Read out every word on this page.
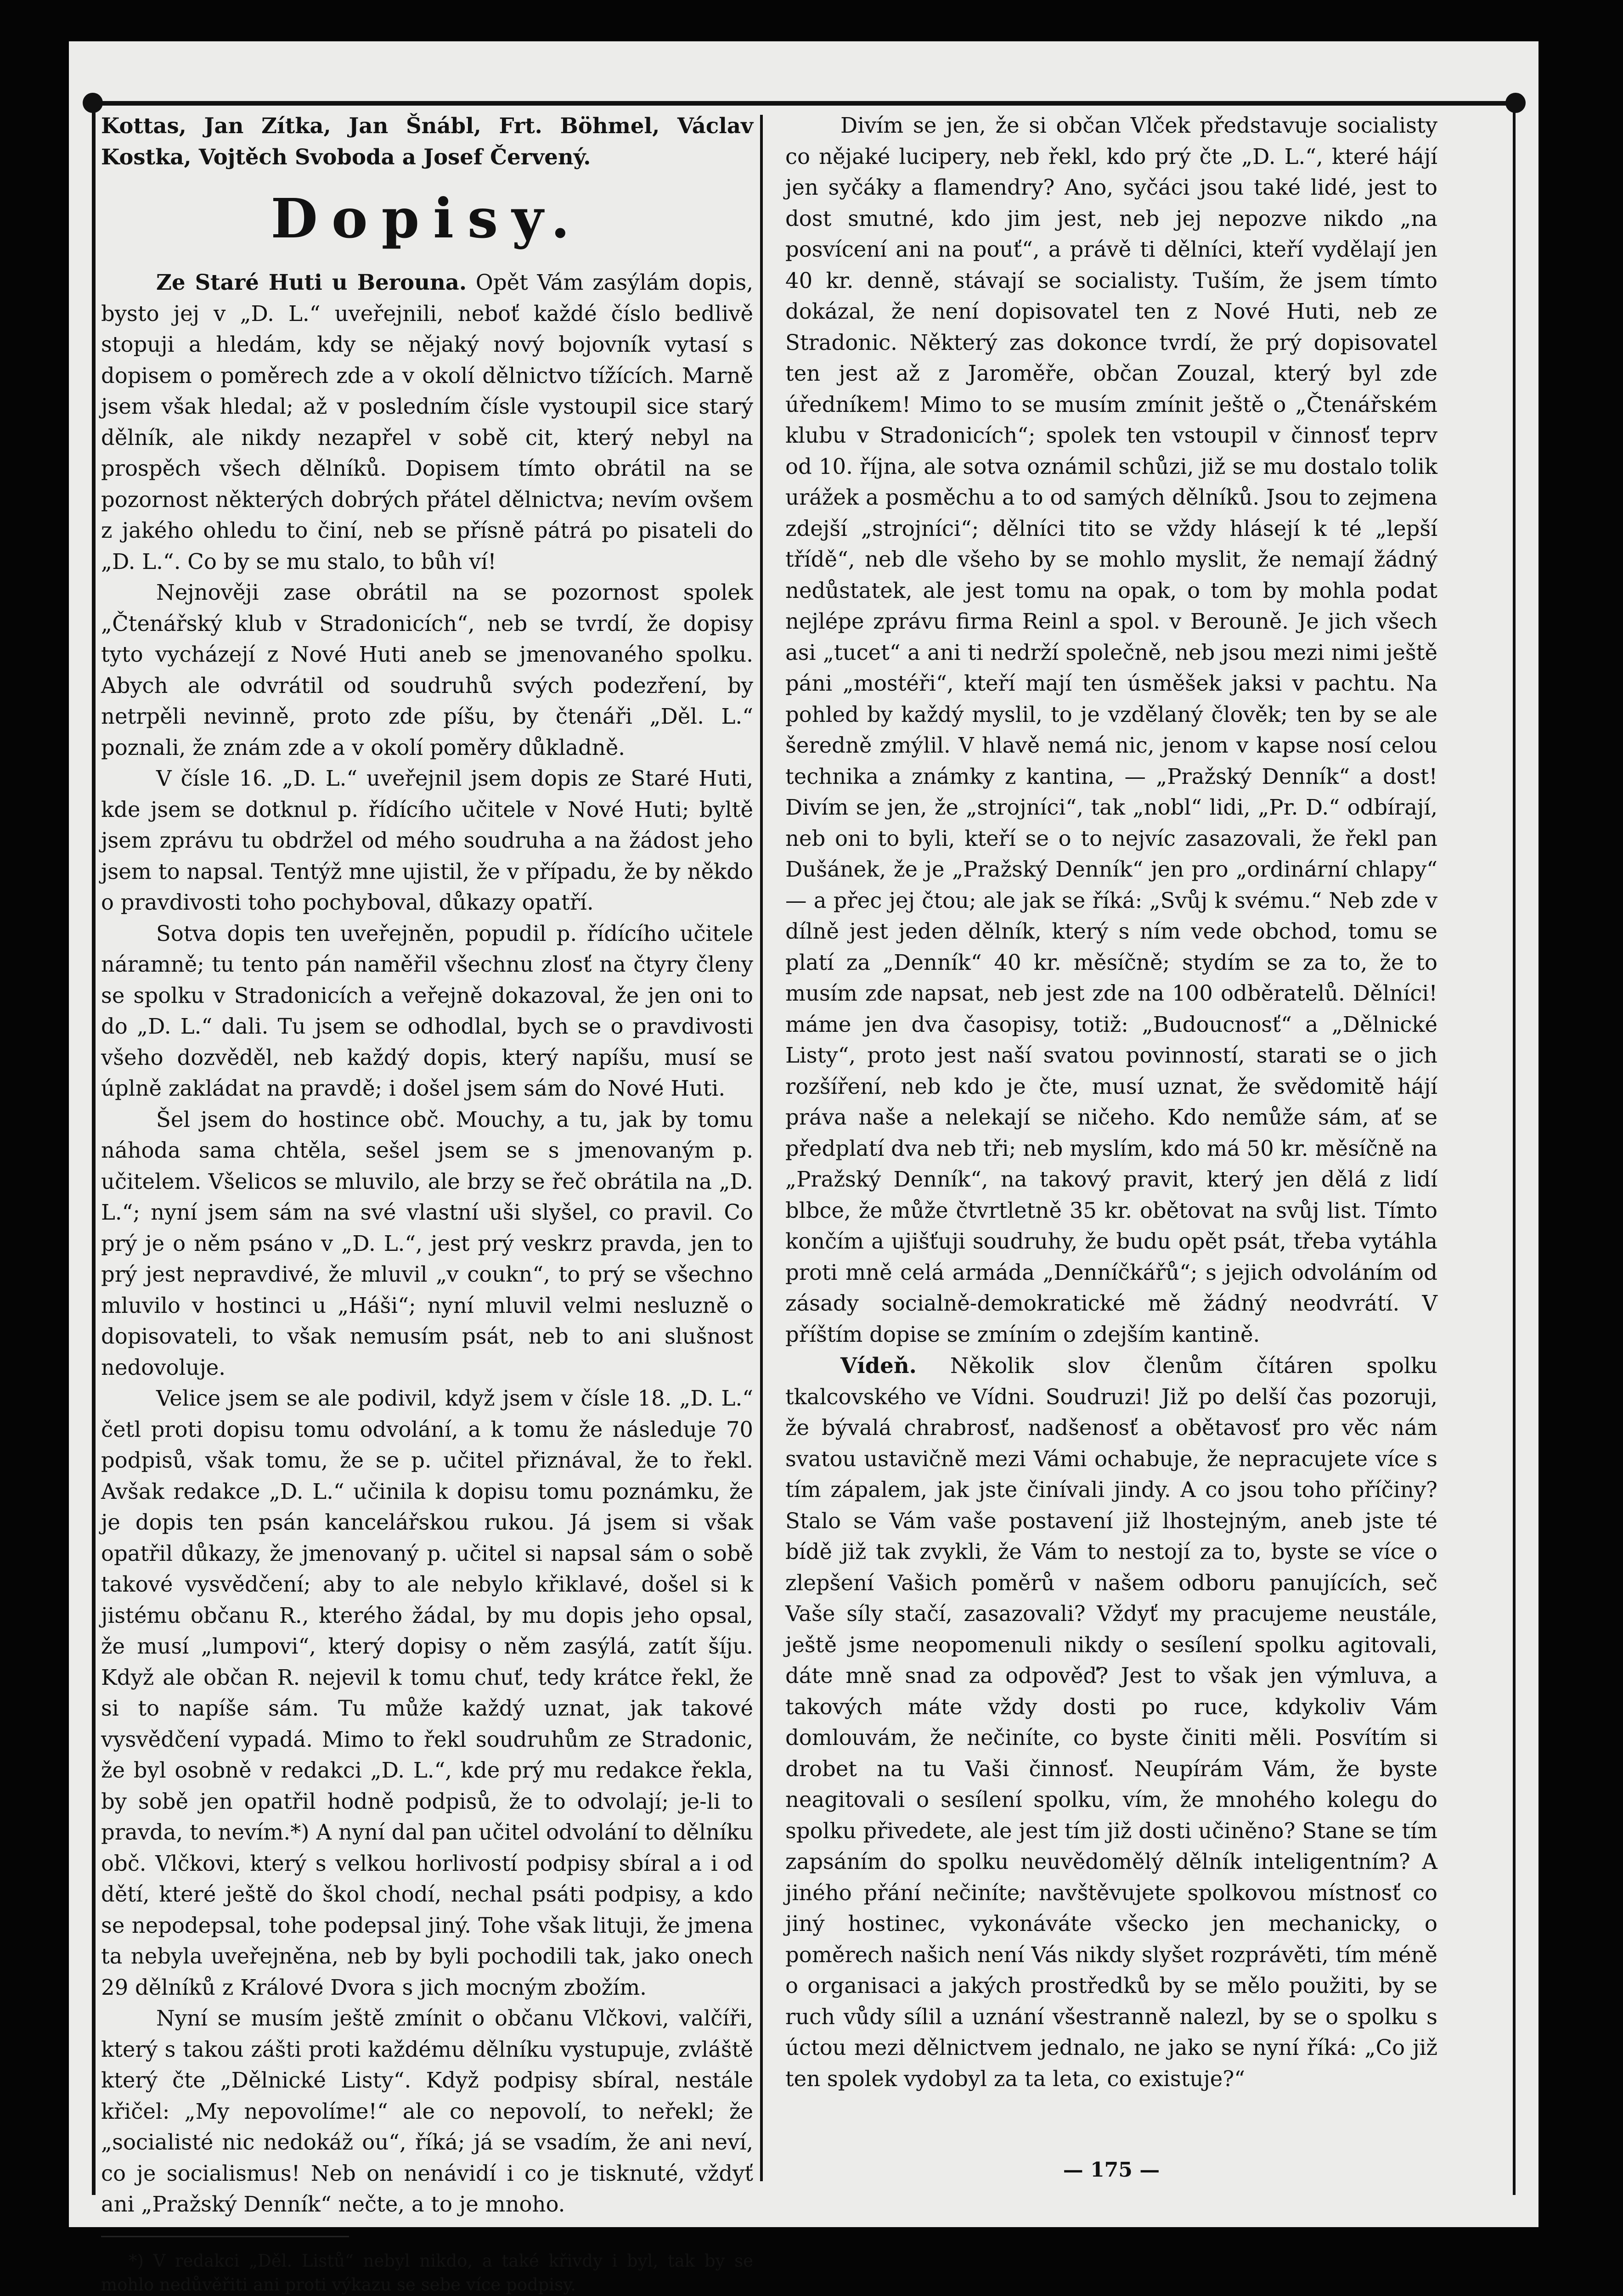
Kottas, Jan Zítka, Jan Šnábl, Frt. Böhmel, Václav Kostka, Vojtěch Svoboda a Josef Červený.

Dopisy.

Ze Staré Huti u Berouna. Opět Vám zasýlám dopis, bysto jej v „D. L.“ uveřejnili, neboť každé číslo bedlivě stopuji a hledám, kdy se nějaký nový bojovník vytasí s dopisem o poměrech zde a v okolí dělnictvo tížících. Marně jsem však hledal; až v posledním čísle vystoupil sice starý dělník, ale nikdy nezapřel v sobě cit, který nebyl na prospěch všech dělníků. Dopisem tímto obrátil na se pozornost některých dobrých přátel dělnictva; nevím ovšem z jakého ohledu to činí, neb se přísně pátrá po pisateli do „D. L.“. Co by se mu stalo, to bůh ví!

Nejnověji zase obrátil na se pozornost spolek „Čtenářský klub v Stradonicích“, neb se tvrdí, že dopisy tyto vycházejí z Nové Huti aneb se jmenovaného spolku. Abych ale odvrátil od soudruhů svých podezření, by netrpěli nevinně, proto zde píšu, by čtenáři „Děl. L.“ poznali, že znám zde a v okolí poměry důkladně.

V čísle 16. „D. L.“ uveřejnil jsem dopis ze Staré Huti, kde jsem se dotknul p. řídícího učitele v Nové Huti; byltě jsem zprávu tu obdržel od mého soudruha a na žádost jeho jsem to napsal. Tentýž mne ujistil, že v případu, že by někdo o pravdivosti toho pochyboval, důkazy opatří.

Sotva dopis ten uveřejněn, popudil p. řídícího učitele náramně; tu tento pán naměřil všechnu zlosť na čtyry členy se spolku v Stradonicích a veřejně dokazoval, že jen oni to do „D. L.“ dali. Tu jsem se odhodlal, bych se o pravdivosti všeho dozvěděl, neb každý dopis, který napíšu, musí se úplně zakládat na pravdě; i došel jsem sám do Nové Huti.

Šel jsem do hostince obč. Mouchy, a tu, jak by tomu náhoda sama chtěla, sešel jsem se s jmenovaným p. učitelem. Všelicos se mluvilo, ale brzy se řeč obrátila na „D. L.“; nyní jsem sám na své vlastní uši slyšel, co pravil. Co prý je o něm psáno v „D. L.“, jest prý veskrz pravda, jen to prý jest nepravdivé, že mluvil „v coukn“, to prý se všechno mluvilo v hostinci u „Háši“; nyní mluvil velmi nesluzně o dopisovateli, to však nemusím psát, neb to ani slušnost nedovoluje.

Velice jsem se ale podivil, když jsem v čísle 18. „D. L.“ četl proti dopisu tomu odvolání, a k tomu že následuje 70 podpisů, však tomu, že se p. učitel přiznával, že to řekl. Avšak redakce „D. L.“ učinila k dopisu tomu poznámku, že je dopis ten psán kancelářskou rukou. Já jsem si však opatřil důkazy, že jmenovaný p. učitel si napsal sám o sobě takové vysvědčení; aby to ale nebylo křiklavé, došel si k jistému občanu R., kterého žádal, by mu dopis jeho opsal, že musí „lumpovi“, který dopisy o něm zasýlá, zatít šíju. Když ale občan R. nejevil k tomu chuť, tedy krátce řekl, že si to napíše sám. Tu může každý uznat, jak takové vysvědčení vypadá. Mimo to řekl soudruhům ze Stradonic, že byl osobně v redakci „D. L.“, kde prý mu redakce řekla, by sobě jen opatřil hodně podpisů, že to odvolají; je-li to pravda, to nevím.*) A nyní dal pan učitel odvolání to dělníku obč. Vlčkovi, který s velkou horlivostí podpisy sbíral a i od dětí, které ještě do škol chodí, nechal psáti podpisy, a kdo se nepodepsal, tohe podepsal jiný. Tohe však lituji, že jmena ta nebyla uveřejněna, neb by byli pochodili tak, jako onech 29 dělníků z Králové Dvora s jich mocným zbožím.

Nyní se musím ještě zmínit o občanu Vlčkovi, valčíři, který s takou zášti proti každému dělníku vystupuje, zvláště který čte „Dělnické Listy“. Když podpisy sbíral, nestále křičel: „My nepovolíme!“ ale co nepovolí, to neřekl; že „socialisté nic nedokáž ou“, říká; já se vsadím, že ani neví, co je socialismus! Neb on nenávidí i co je tisknuté, vždyť ani „Pražský Denník“ nečte, a to je mnoho.

*) V redakci „Děl. Listů“ nebyl nikdo, a také křivdy i byl, tak by se mohlo nedůvěřiti ani proti výkazu se sebe více podpisy.

Divím se jen, že si občan Vlček představuje socialisty co nějaké lucipery, neb řekl, kdo prý čte „D. L.“, které hájí jen syčáky a flamendry? Ano, syčáci jsou také lidé, jest to dost smutné, kdo jim jest, neb jej nepozve nikdo „na posvícení ani na pouť“, a právě ti dělníci, kteří vydělají jen 40 kr. denně, stávají se socialisty. Tuším, že jsem tímto dokázal, že není dopisovatel ten z Nové Huti, neb ze Stradonic. Některý zas dokonce tvrdí, že prý dopisovatel ten jest až z Jaroměře, občan Zouzal, který byl zde úředníkem! Mimo to se musím zmínit ještě o „Čtenářském klubu v Stradonicích“; spolek ten vstoupil v činnosť teprv od 10. října, ale sotva oznámil schůzi, již se mu dostalo tolik urážek a posměchu a to od samých dělníků. Jsou to zejmena zdejší „strojníci“; dělníci tito se vždy hlásejí k té „lepší třídě“, neb dle všeho by se mohlo myslit, že nemají žádný nedůstatek, ale jest tomu na opak, o tom by mohla podat nejlépe zprávu firma Reinl a spol. v Berouně. Je jich všech asi „tucet“ a ani ti nedrží společně, neb jsou mezi nimi ještě páni „mostéři“, kteří mají ten úsměšek jaksi v pachtu. Na pohled by každý myslil, to je vzdělaný člověk; ten by se ale šeredně zmýlil. V hlavě nemá nic, jenom v kapse nosí celou technika a známky z kantina, — „Pražský Denník“ a dost! Divím se jen, že „strojníci“, tak „nobl“ lidi, „Pr. D.“ odbírají, neb oni to byli, kteří se o to nejvíc zasazovali, že řekl pan Dušánek, že je „Pražský Denník“ jen pro „ordinární chlapy“ — a přec jej čtou; ale jak se říká: „Svůj k svému.“ Neb zde v dílně jest jeden dělník, který s ním vede obchod, tomu se platí za „Denník“ 40 kr. měsíčně; stydím se za to, že to musím zde napsat, neb jest zde na 100 odběratelů. Dělníci! máme jen dva časopisy, totiž: „Budoucnosť“ a „Dělnické Listy“, proto jest naší svatou povinností, starati se o jich rozšíření, neb kdo je čte, musí uznat, že svědomitě hájí práva naše a nelekají se ničeho. Kdo nemůže sám, ať se předplatí dva neb tři; neb myslím, kdo má 50 kr. měsíčně na „Pražský Denník“, na takový pravit, který jen dělá z lidí blbce, že může čtvrtletně 35 kr. obětovat na svůj list. Tímto končím a ujišťuji soudruhy, že budu opět psát, třeba vytáhla proti mně celá armáda „Denníčkářů“; s jejich odvoláním od zásady socialně-demokratické mě žádný neodvrátí. V příštím dopise se zmíním o zdejším kantině.

Vídeň. Několik slov členům čítáren spolku tkalcovského ve Vídni. Soudruzi! Již po delší čas pozoruji, že bývalá chrabrosť, nadšenosť a obětavosť pro věc nám svatou ustavičně mezi Vámi ochabuje, že nepracujete více s tím zápalem, jak jste činívali jindy. A co jsou toho příčiny? Stalo se Vám vaše postavení již lhostejným, aneb jste té bídě již tak zvykli, že Vám to nestojí za to, byste se více o zlepšení Vašich poměrů v našem odboru panujících, seč Vaše síly stačí, zasazovali? Vždyť my pracujeme neustále, ještě jsme neopomenuli nikdy o sesílení spolku agitovali, dáte mně snad za odpověď? Jest to však jen výmluva, a takových máte vždy dosti po ruce, kdykoliv Vám domlouvám, že nečiníte, co byste činiti měli. Posvítím si drobet na tu Vaši činnosť. Neupírám Vám, že byste neagitovali o sesílení spolku, vím, že mnohého kolegu do spolku přivedete, ale jest tím již dosti učiněno? Stane se tím zapsáním do spolku neuvědomělý dělník inteligentním? A jiného přání nečiníte; navštěvujete spolkovou místnosť co jiný hostinec, vykonáváte všecko jen mechanicky, o poměrech našich není Vás nikdy slyšet rozprávěti, tím méně o organisaci a jakých prostředků by se mělo použiti, by se ruch vůdy sílil a uznání všestranně nalezl, by se o spolku s úctou mezi dělnictvem jednalo, ne jako se nyní říká: „Co již ten spolek vydobyl za ta leta, co existuje?“

— 175 —
